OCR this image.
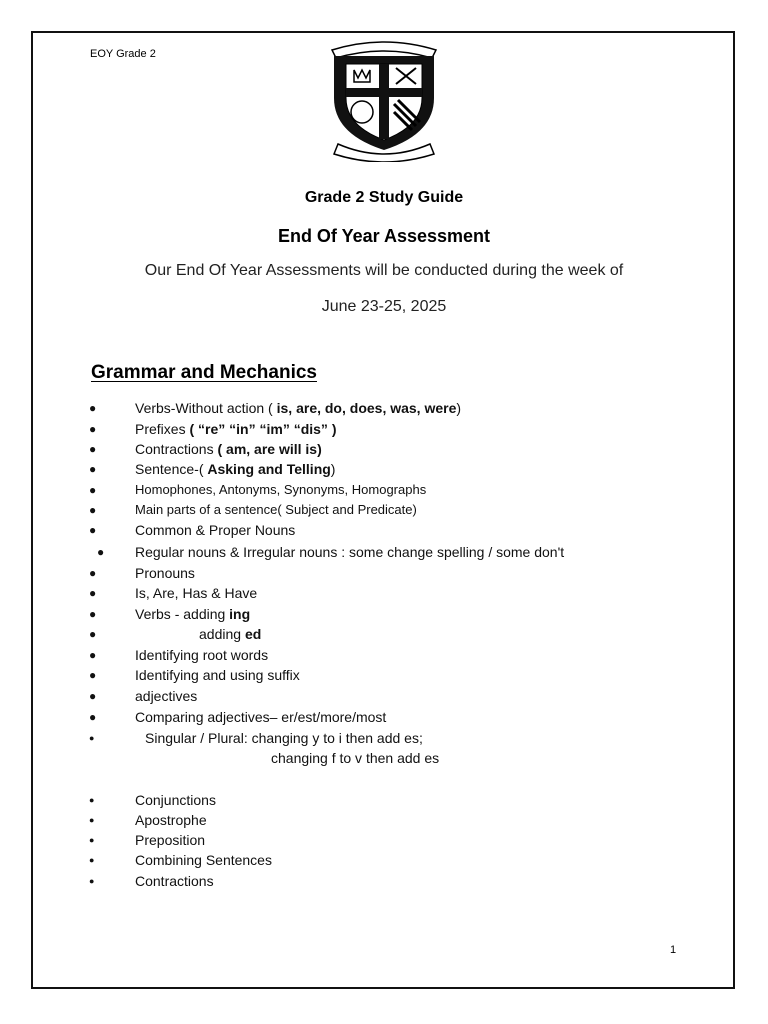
EOY Grade 2
Grade 2 Study Guide
End Of Year Assessment
Our End Of Year Assessments will be conducted during the week of
June 23-25, 2025
Grammar and Mechanics
●	Verbs-Without action ( is, are, do, does, was, were)
●	Prefixes ( “re” “in” “im” “dis” )
●	Contractions ( am, are will is)
●	Sentence-( Asking and Telling)
●	Homophones, Antonyms, Synonyms, Homographs
●	Main parts of a sentence( Subject and Predicate)
●	Common & Proper Nouns
● Regular nouns & Irregular nouns : some change spelling / some don't
●	Pronouns
●	Is, Are, Has & Have
●	Verbs - adding ing
●	adding ed
●	Identifying root words
●	Identifying and using suffix
●	adjectives
●	Comparing adjectives– er/est/more/most
●	Singular / Plural: changing y to i then add es;
changing f to v then add es
●	Conjunctions
●	Apostrophe
●	Preposition
●	Combining Sentences
●	Contractions
1
